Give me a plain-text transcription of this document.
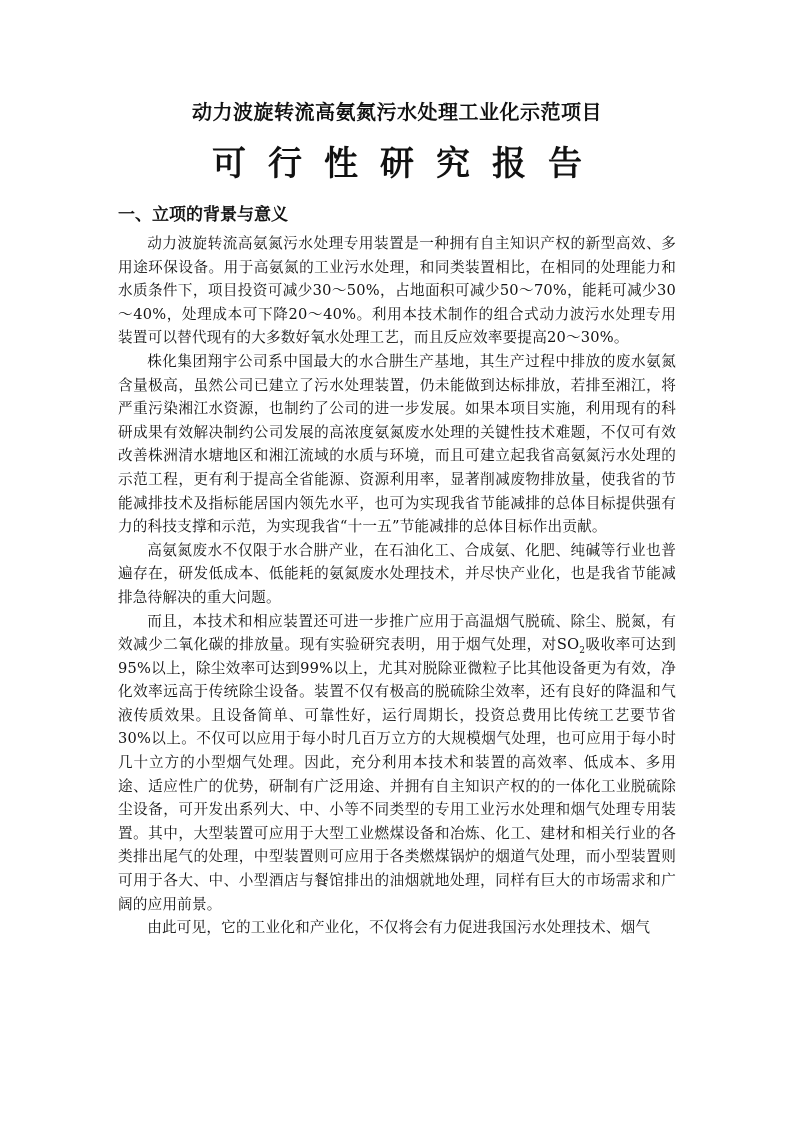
动力波旋转流高氨氮污水处理工业化示范项目
可行性研究报告
一、立项的背景与意义

动力波旋转流高氨氮污水处理专用装置是一种拥有自主知识产权的新型高效、多用途环保设备。用于高氨氮的工业污水处理，和同类装置相比，在相同的处理能力和水质条件下，项目投资可减少30～50%，占地面积可减少50～70%，能耗可减少30～40%，处理成本可下降20～40%。利用本技术制作的组合式动力波污水处理专用装置可以替代现有的大多数好氧水处理工艺，而且反应效率要提高20～30%。

株化集团翔宇公司系中国最大的水合肼生产基地，其生产过程中排放的废水氨氮含量极高，虽然公司已建立了污水处理装置，仍未能做到达标排放，若排至湘江，将严重污染湘江水资源，也制约了公司的进一步发展。如果本项目实施，利用现有的科研成果有效解决制约公司发展的高浓度氨氮废水处理的关键性技术难题，不仅可有效改善株洲清水塘地区和湘江流域的水质与环境，而且可建立起我省高氨氮污水处理的示范工程，更有利于提高全省能源、资源利用率，显著削减废物排放量，使我省的节能减排技术及指标能居国内领先水平，也可为实现我省节能减排的总体目标提供强有力的科技支撑和示范，为实现我省“十一五”节能减排的总体目标作出贡献。

高氨氮废水不仅限于水合肼产业，在石油化工、合成氨、化肥、纯碱等行业也普遍存在，研发低成本、低能耗的氨氮废水处理技术，并尽快产业化，也是我省节能减排急待解决的重大问题。

而且，本技术和相应装置还可进一步推广应用于高温烟气脱硫、除尘、脱氮，有效减少二氧化碳的排放量。现有实验研究表明，用于烟气处理，对$SO_2$吸收率可达到95%以上，除尘效率可达到99%以上，尤其对脱除亚微粒子比其他设备更为有效，净化效率远高于传统除尘设备。装置不仅有极高的脱硫除尘效率，还有良好的降温和气液传质效果。且设备简单、可靠性好，运行周期长，投资总费用比传统工艺要节省30%以上。不仅可以应用于每小时几百万立方的大规模烟气处理，也可应用于每小时几十立方的小型烟气处理。因此，充分利用本技术和装置的高效率、低成本、多用途、适应性广的优势，研制有广泛用途、并拥有自主知识产权的的一体化工业脱硫除尘设备，可开发出系列大、中、小等不同类型的专用工业污水处理和烟气处理专用装置。其中，大型装置可应用于大型工业燃煤设备和冶炼、化工、建材和相关行业的各类排出尾气的处理，中型装置则可应用于各类燃煤锅炉的烟道气处理，而小型装置则可用于各大、中、小型酒店与餐馆排出的油烟就地处理，同样有巨大的市场需求和广阔的应用前景。

由此可见，它的工业化和产业化，不仅将会有力促进我国污水处理技术、烟气
